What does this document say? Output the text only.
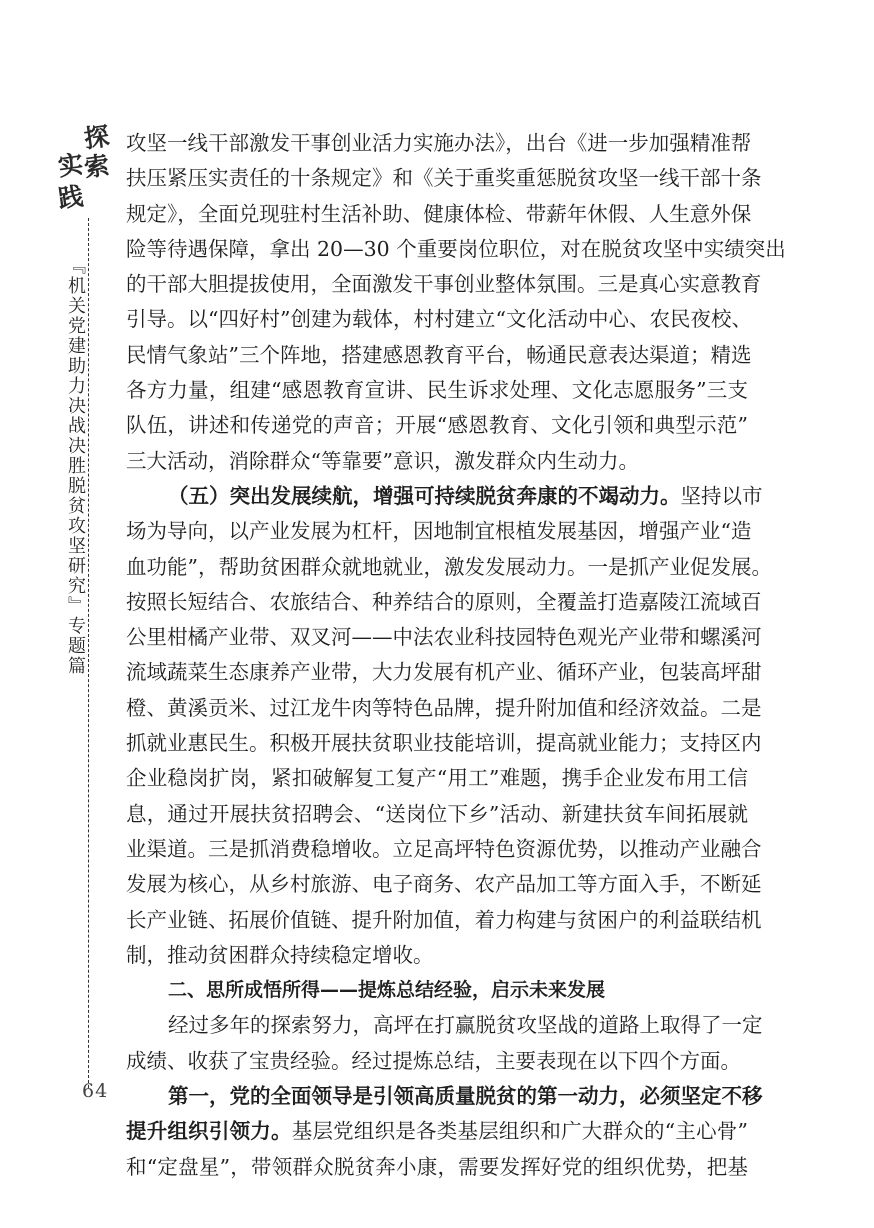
探
索
实
践
『机关党建助力决战决胜脱贫攻坚研究』专题篇
64
攻坚一线干部激发干事创业活力实施办法》，出台《进一步加强精准帮
扶压紧压实责任的十条规定》和《关于重奖重惩脱贫攻坚一线干部十条
规定》，全面兑现驻村生活补助、健康体检、带薪年休假、人生意外保
险等待遇保障，拿出 20—30 个重要岗位职位，对在脱贫攻坚中实绩突出
的干部大胆提拔使用，全面激发干事创业整体氛围。三是真心实意教育
引导。以“四好村”创建为载体，村村建立“文化活动中心、农民夜校、
民情气象站”三个阵地，搭建感恩教育平台，畅通民意表达渠道；精选
各方力量，组建“感恩教育宣讲、民生诉求处理、文化志愿服务”三支
队伍，讲述和传递党的声音；开展“感恩教育、文化引领和典型示范”
三大活动，消除群众“等靠要”意识，激发群众内生动力。
（五）突出发展续航，增强可持续脱贫奔康的不竭动力。坚持以市
场为导向，以产业发展为杠杆，因地制宜根植发展基因，增强产业“造
血功能”，帮助贫困群众就地就业，激发发展动力。一是抓产业促发展。
按照长短结合、农旅结合、种养结合的原则，全覆盖打造嘉陵江流域百
公里柑橘产业带、双叉河——中法农业科技园特色观光产业带和螺溪河
流域蔬菜生态康养产业带，大力发展有机产业、循环产业，包装高坪甜
橙、黄溪贡米、过江龙牛肉等特色品牌，提升附加值和经济效益。二是
抓就业惠民生。积极开展扶贫职业技能培训，提高就业能力；支持区内
企业稳岗扩岗，紧扣破解复工复产“用工”难题，携手企业发布用工信
息，通过开展扶贫招聘会、“送岗位下乡”活动、新建扶贫车间拓展就
业渠道。三是抓消费稳增收。立足高坪特色资源优势，以推动产业融合
发展为核心，从乡村旅游、电子商务、农产品加工等方面入手，不断延
长产业链、拓展价值链、提升附加值，着力构建与贫困户的利益联结机
制，推动贫困群众持续稳定增收。
二、思所成悟所得——提炼总结经验，启示未来发展
经过多年的探索努力，高坪在打赢脱贫攻坚战的道路上取得了一定
成绩、收获了宝贵经验。经过提炼总结，主要表现在以下四个方面。
第一，党的全面领导是引领高质量脱贫的第一动力，必须坚定不移
提升组织引领力。基层党组织是各类基层组织和广大群众的“主心骨”
和“定盘星”，带领群众脱贫奔小康，需要发挥好党的组织优势，把基
